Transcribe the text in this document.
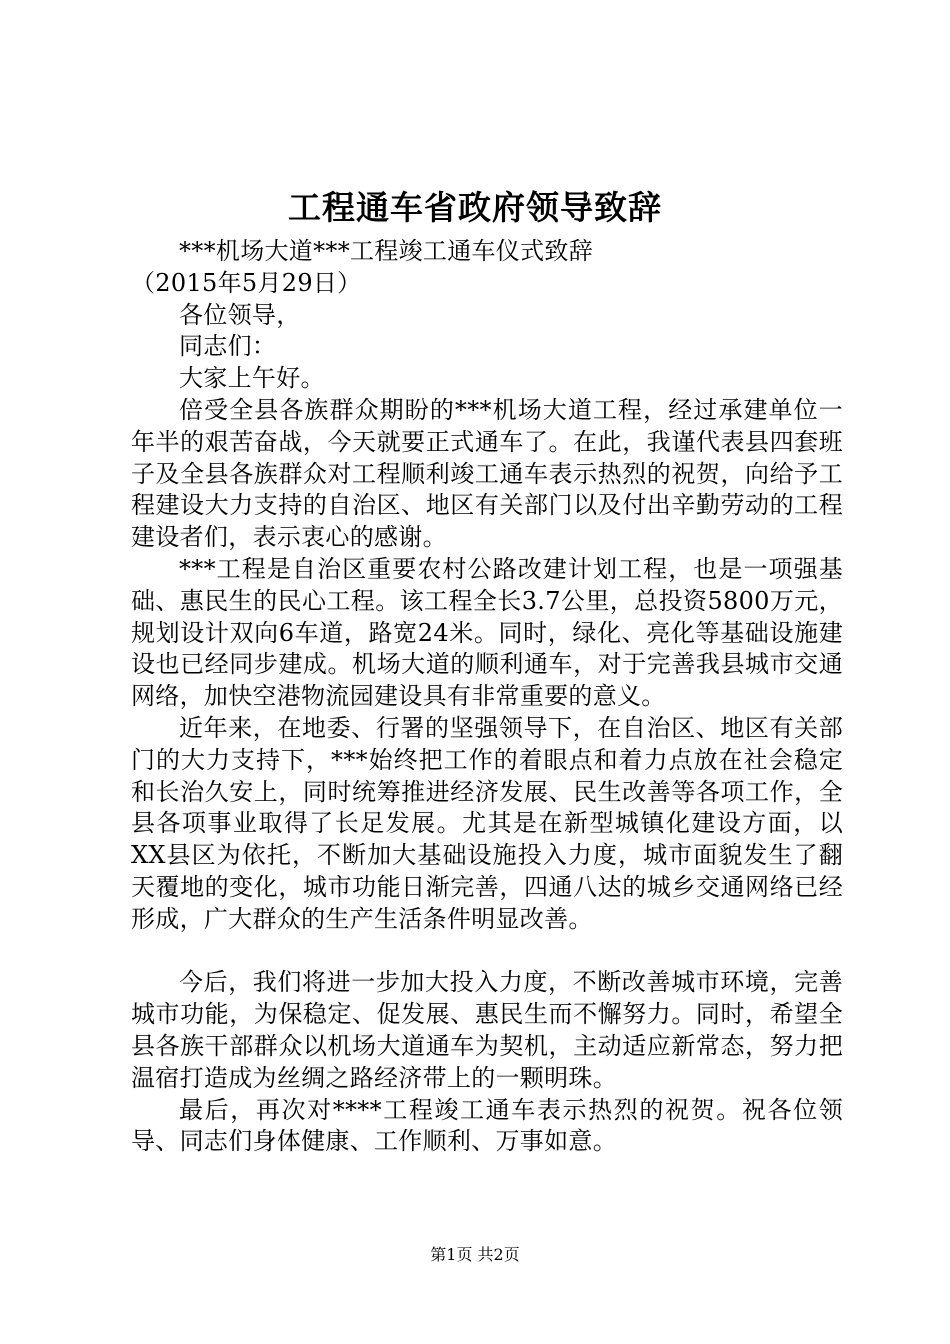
工程通车省政府领导致辞

***机场大道***工程竣工通车仪式致辞

（2015年5月29日）

各位领导，

同志们：

大家上午好。

倍受全县各族群众期盼的***机场大道工程，经过承建单位一年半的艰苦奋战，今天就要正式通车了。在此，我谨代表县四套班子及全县各族群众对工程顺利竣工通车表示热烈的祝贺，向给予工程建设大力支持的自治区、地区有关部门以及付出辛勤劳动的工程建设者们，表示衷心的感谢。

***工程是自治区重要农村公路改建计划工程，也是一项强基础、惠民生的民心工程。该工程全长3.7公里，总投资5800万元，规划设计双向6车道，路宽24米。同时，绿化、亮化等基础设施建设也已经同步建成。机场大道的顺利通车，对于完善我县城市交通网络，加快空港物流园建设具有非常重要的意义。

近年来，在地委、行署的坚强领导下，在自治区、地区有关部门的大力支持下，***始终把工作的着眼点和着力点放在社会稳定和长治久安上，同时统筹推进经济发展、民生改善等各项工作，全县各项事业取得了长足发展。尤其是在新型城镇化建设方面，以XX县区为依托，不断加大基础设施投入力度，城市面貌发生了翻天覆地的变化，城市功能日渐完善，四通八达的城乡交通网络已经形成，广大群众的生产生活条件明显改善。

今后，我们将进一步加大投入力度，不断改善城市环境，完善城市功能，为保稳定、促发展、惠民生而不懈努力。同时，希望全县各族干部群众以机场大道通车为契机，主动适应新常态，努力把温宿打造成为丝绸之路经济带上的一颗明珠。

最后，再次对****工程竣工通车表示热烈的祝贺。祝各位领导、同志们身体健康、工作顺利、万事如意。

第1页 共2页
